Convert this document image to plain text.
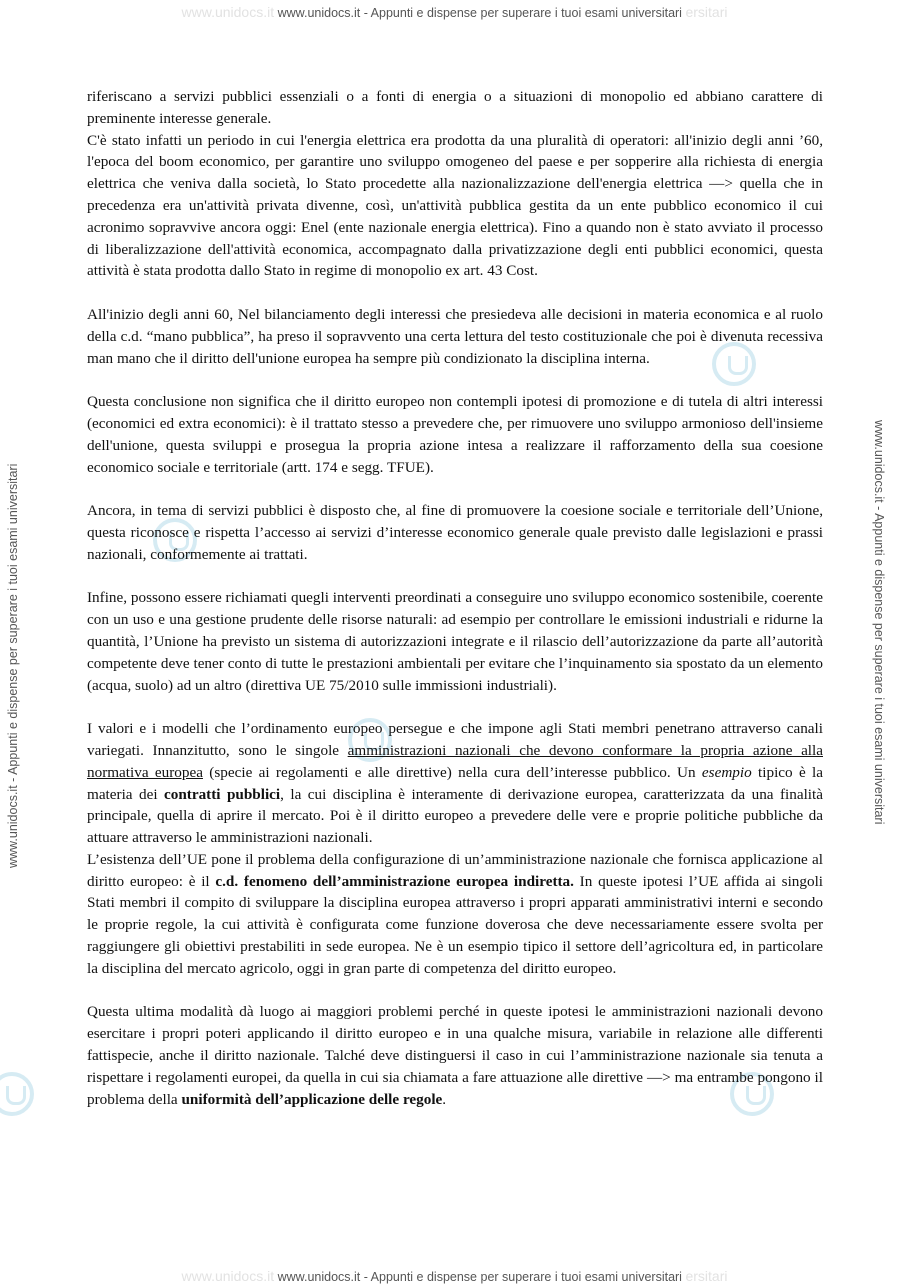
www.unidocs.it www.unidocs.it - Appunti e dispense per superare i tuoi esami universitari ersitari
www.unidocs.it - Appunti e dispense per superare i tuoi esami universitari	www.unidocs.it - Appunti e dispense per superare i tuoi esami universitari

riferiscano a servizi pubblici essenziali o a fonti di energia o a situazioni di monopolio ed abbiano carattere di preminente interesse generale.

C'è stato infatti un periodo in cui l'energia elettrica era prodotta da una pluralità di operatori: all'inizio degli anni ’60, l'epoca del boom economico, per garantire uno sviluppo omogeneo del paese e per sopperire alla richiesta di energia elettrica che veniva dalla società, lo Stato procedette alla nazionalizzazione dell'energia elettrica —> quella che in precedenza era un'attività privata divenne, così, un'attività pubblica gestita da un ente pubblico economico il cui acronimo sopravvive ancora oggi: Enel (ente nazionale energia elettrica). Fino a quando non è stato avviato il processo di liberalizzazione dell'attività economica, accompagnato dalla privatizzazione degli enti pubblici economici, questa attività è stata prodotta dallo Stato in regime di monopolio ex art. 43 Cost.

All'inizio degli anni 60, Nel bilanciamento degli interessi che presiedeva alle decisioni in materia economica e al ruolo della c.d. “mano pubblica”, ha preso il sopravvento una certa lettura del testo costituzionale che poi è divenuta recessiva man mano che il diritto dell'unione europea ha sempre più condizionato la disciplina interna.

Questa conclusione non significa che il diritto europeo non contempli ipotesi di promozione e di tutela di altri interessi (economici ed extra economici): è il trattato stesso a prevedere che, per rimuovere uno sviluppo armonioso dell'insieme dell'unione, questa sviluppi e prosegua la propria azione intesa a realizzare il rafforzamento della sua coesione economico sociale e territoriale (artt. 174 e segg. TFUE).

Ancora, in tema di servizi pubblici è disposto che, al fine di promuovere la coesione sociale e territoriale dell’Unione, questa riconosce e rispetta l’accesso ai servizi d’interesse economico generale quale previsto dalle legislazioni e prassi nazionali, conformemente ai trattati.

Infine, possono essere richiamati quegli interventi preordinati a conseguire uno sviluppo economico sostenibile, coerente con un uso e una gestione prudente delle risorse naturali: ad esempio per controllare le emissioni industriali e ridurne la quantità, l’Unione ha previsto un sistema di autorizzazioni integrate e il rilascio dell’autorizzazione da parte all’autorità competente deve tener conto di tutte le prestazioni ambientali per evitare che l’inquinamento sia spostato da un elemento (acqua, suolo) ad un altro (direttiva UE 75/2010 sulle immissioni industriali).

I valori e i modelli che l’ordinamento europeo persegue e che impone agli Stati membri penetrano attraverso canali variegati. Innanzitutto, sono le singole amministrazioni nazionali che devono conformare la propria azione alla normativa europea (specie ai regolamenti e alle direttive) nella cura dell’interesse pubblico. Un esempio tipico è la materia dei contratti pubblici, la cui disciplina è interamente di derivazione europea, caratterizzata da una finalità principale, quella di aprire il mercato. Poi è il diritto europeo a prevedere delle vere e proprie politiche pubbliche da attuare attraverso le amministrazioni nazionali.

L’esistenza dell’UE pone il problema della configurazione di un’amministrazione nazionale che fornisca applicazione al diritto europeo: è il c.d. fenomeno dell’amministrazione europea indiretta. In queste ipotesi l’UE affida ai singoli Stati membri il compito di sviluppare la disciplina europea attraverso i propri apparati amministrativi interni e secondo le proprie regole, la cui attività è configurata come funzione doverosa che deve necessariamente essere svolta per raggiungere gli obiettivi prestabiliti in sede europea. Ne è un esempio tipico il settore dell’agricoltura ed, in particolare la disciplina del mercato agricolo, oggi in gran parte di competenza del diritto europeo.

Questa ultima modalità dà luogo ai maggiori problemi perché in queste ipotesi le amministrazioni nazionali devono esercitare i propri poteri applicando il diritto europeo e in una qualche misura, variabile in relazione alle differenti fattispecie, anche il diritto nazionale. Talché deve distinguersi il caso in cui l’amministrazione nazionale sia tenuta a rispettare i regolamenti europei, da quella in cui sia chiamata a fare attuazione alle direttive —> ma entrambe pongono il problema della uniformità dell’applicazione delle regole.

www.unidocs.it www.unidocs.it - Appunti e dispense per superare i tuoi esami universitari ersitari
